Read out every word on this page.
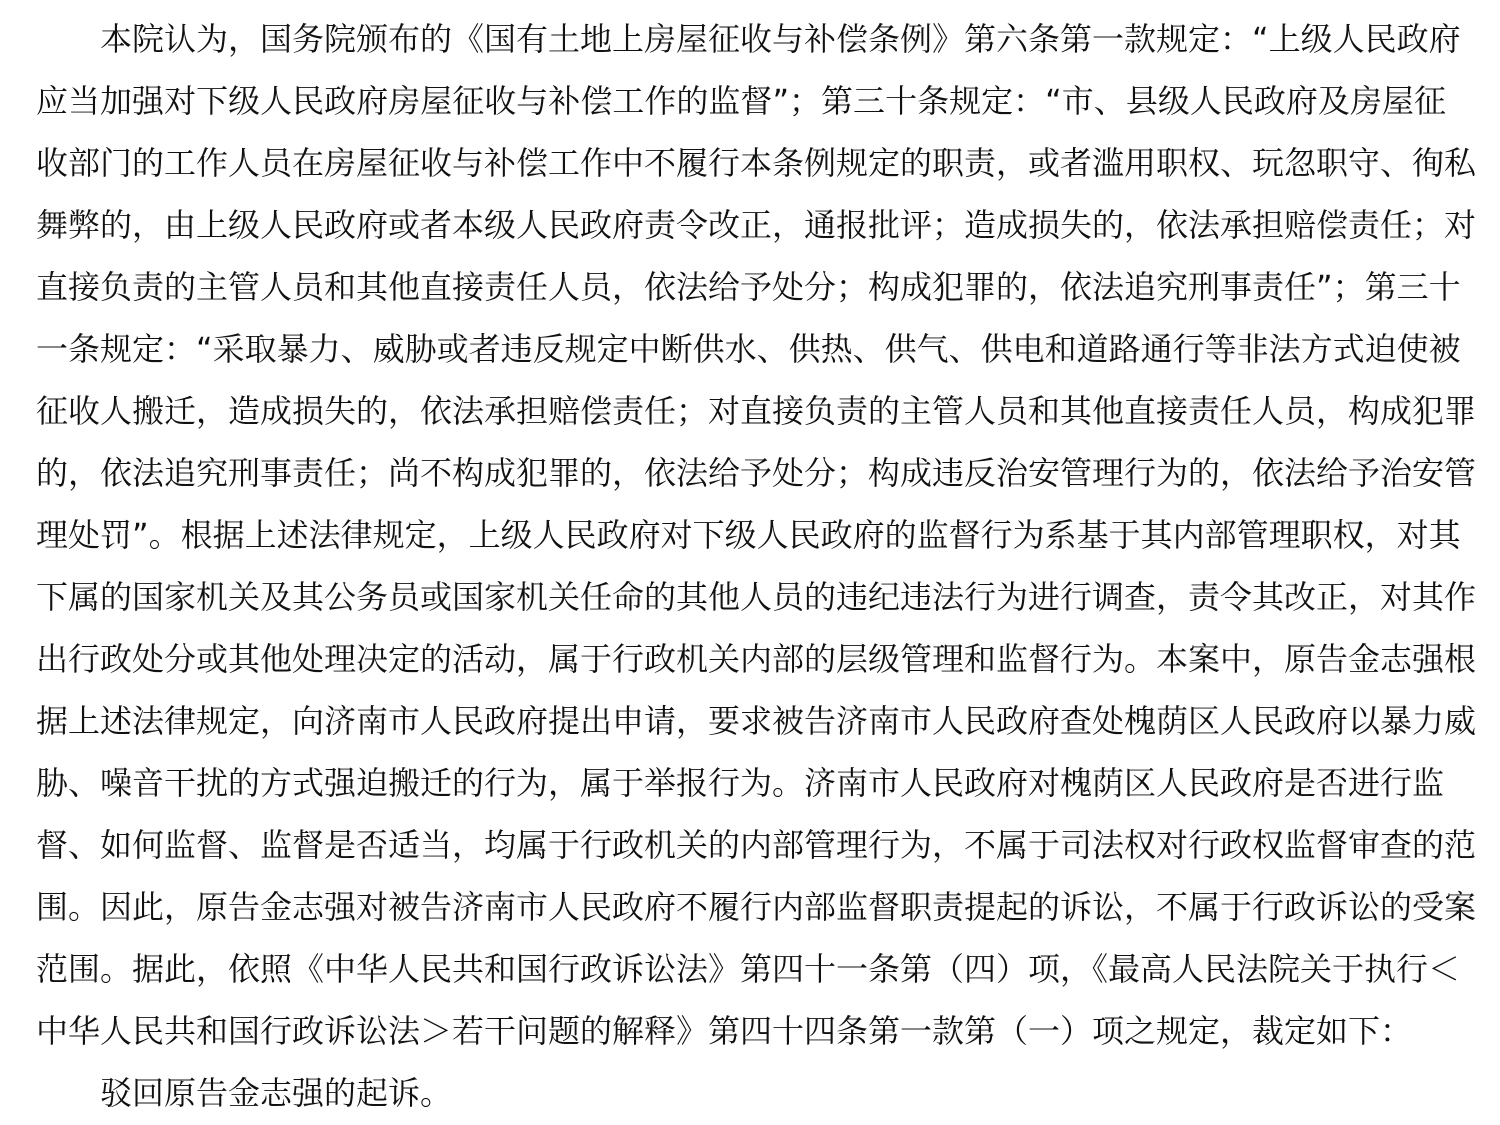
本院认为，国务院颁布的《国有土地上房屋征收与补偿条例》第六条第一款规定：“上级人民政府
应当加强对下级人民政府房屋征收与补偿工作的监督”；第三十条规定：“市、县级人民政府及房屋征
收部门的工作人员在房屋征收与补偿工作中不履行本条例规定的职责，或者滥用职权、玩忽职守、徇私
舞弊的，由上级人民政府或者本级人民政府责令改正，通报批评；造成损失的，依法承担赔偿责任；对
直接负责的主管人员和其他直接责任人员，依法给予处分；构成犯罪的，依法追究刑事责任”；第三十
一条规定：“采取暴力、威胁或者违反规定中断供水、供热、供气、供电和道路通行等非法方式迫使被
征收人搬迁，造成损失的，依法承担赔偿责任；对直接负责的主管人员和其他直接责任人员，构成犯罪
的，依法追究刑事责任；尚不构成犯罪的，依法给予处分；构成违反治安管理行为的，依法给予治安管
理处罚”。根据上述法律规定，上级人民政府对下级人民政府的监督行为系基于其内部管理职权，对其
下属的国家机关及其公务员或国家机关任命的其他人员的违纪违法行为进行调查，责令其改正，对其作
出行政处分或其他处理决定的活动，属于行政机关内部的层级管理和监督行为。本案中，原告金志强根
据上述法律规定，向济南市人民政府提出申请，要求被告济南市人民政府查处槐荫区人民政府以暴力威
胁、噪音干扰的方式强迫搬迁的行为，属于举报行为。济南市人民政府对槐荫区人民政府是否进行监
督、如何监督、监督是否适当，均属于行政机关的内部管理行为，不属于司法权对行政权监督审查的范
围。因此，原告金志强对被告济南市人民政府不履行内部监督职责提起的诉讼，不属于行政诉讼的受案
范围。据此，依照《中华人民共和国行政诉讼法》第四十一条第（四）项，《最高人民法院关于执行＜
中华人民共和国行政诉讼法＞若干问题的解释》第四十四条第一款第（一）项之规定，裁定如下：
驳回原告金志强的起诉。
